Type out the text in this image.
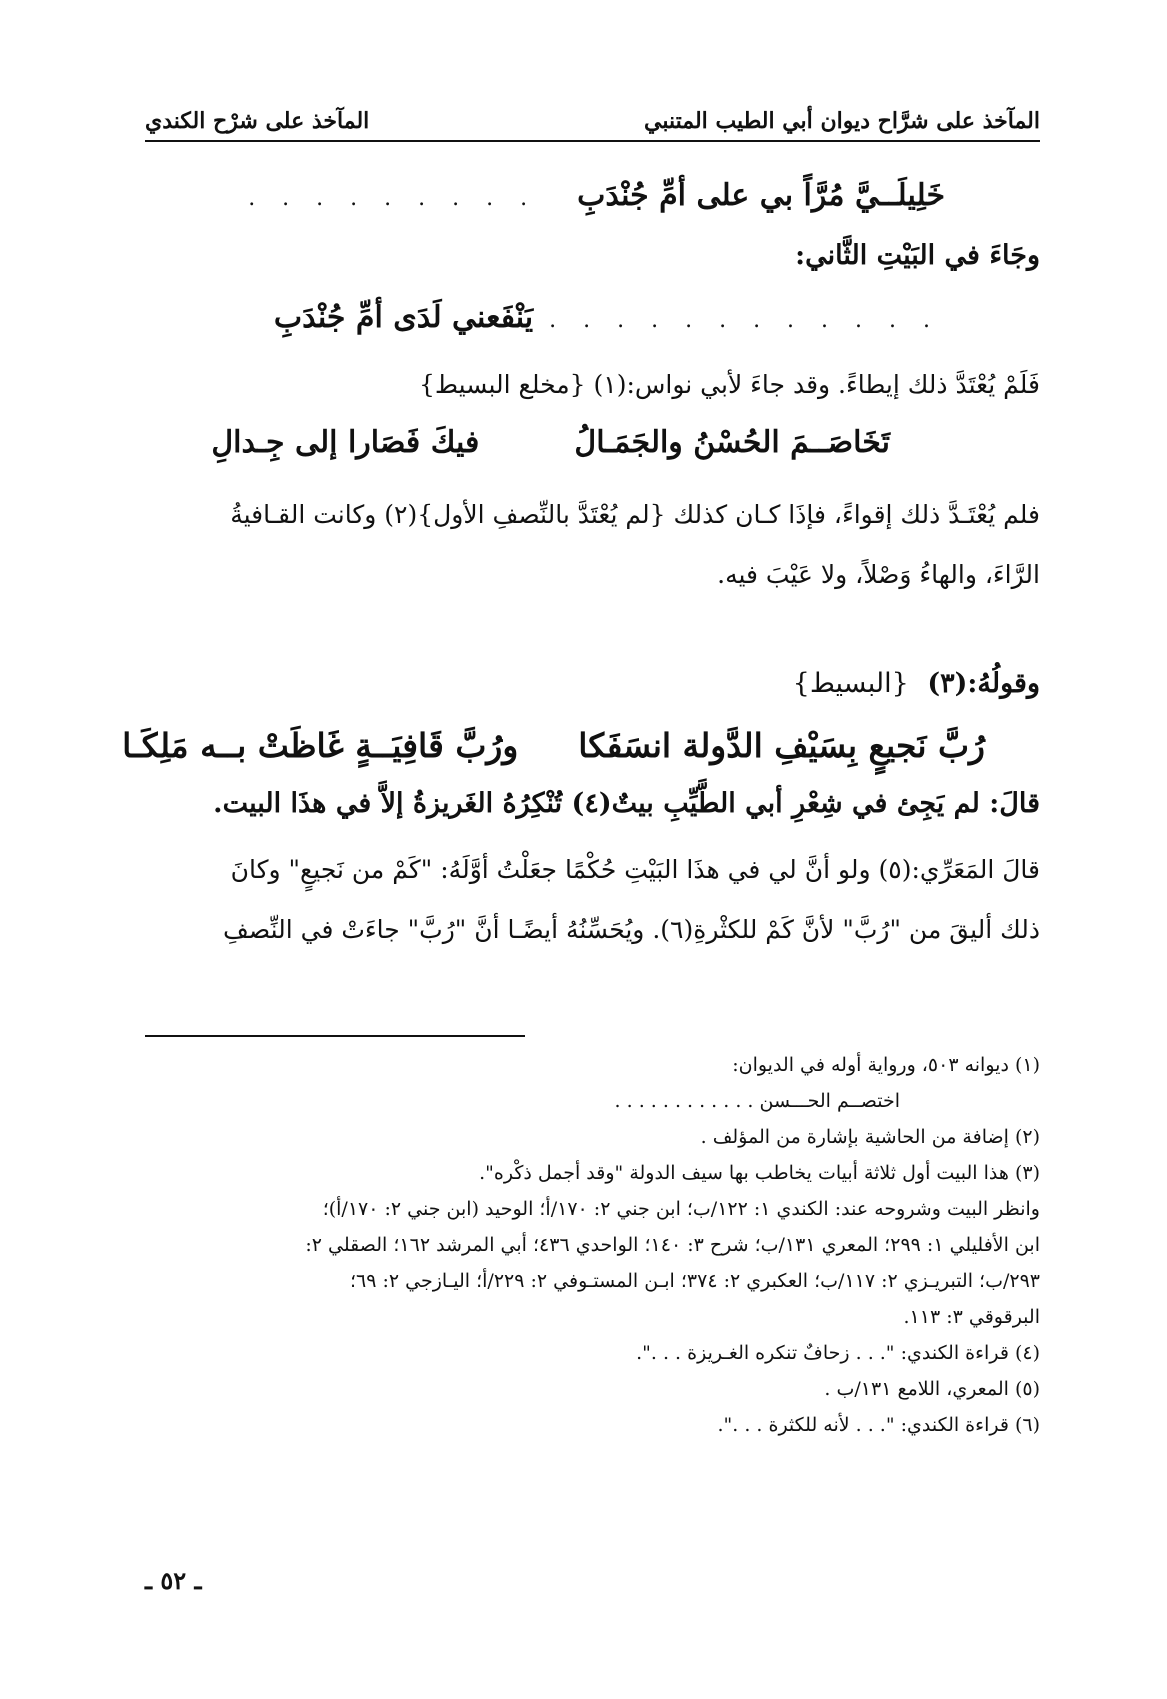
المآخذ على شرَّاح ديوان أبي الطيب المتنبي
المآخذ على شرْح الكندي
خَلِيلَــيَّ مُرَّاً بي على أمِّ جُنْدَبِ
. . . . . . . . .
وجَاءَ في البَيْتِ الثَّاني:
. . . . . . . . . . . .
يَنْفَعني لَدَى أمِّ جُنْدَبِ
فَلَمْ يُعْتَدَّ ذلك إيطاءً. وقد جاءَ لأبي نواس:(١) {مخلع البسيط}
تَخَاصَــمَ الحُسْنُ والجَمَـالُ
فيكَ فَصَارا إلى جِـدالِ
فلم يُعْتَـدَّ ذلك إقواءً، فإذَا كـان كذلك {لم يُعْتَدَّ بالنِّصفِ الأول}(٢) وكانت القـافيةُ
الرَّاءَ، والهاءُ وَصْلاً، ولا عَيْبَ فيه.
وقولُهُ:(٣) {البسيط}
رُبَّ نَجيعٍ بِسَيْفِ الدَّولة انسَفَكا
ورُبَّ قَافِيَــةٍ غَاظَتْ بــه مَلِكَـا
قالَ: لم يَجِئ في شِعْرِ أبي الطَّيِّبِ بيتٌ(٤) تُنْكِرُهُ الغَريزةُ إلاَّ في هذَا البيت.
قالَ المَعَرِّي:(٥) ولو أنَّ لي في هذَا البَيْتِ حُكْمًا جعَلْتُ أوَّلَهُ: "كَمْ من نَجيعٍ" وكانَ
ذلك أليقَ من "رُبَّ" لأنَّ كَمْ للكثْرةِ(٦). ويُحَسِّنُهُ أيضًـا أنَّ "رُبَّ" جاءَتْ في النِّصفِ
(١) ديوانه ٥٠٣، ورواية أوله في الديوان:
اختصــم الحـــسن . . . . . . . . . . . .
(٢) إضافة من الحاشية بإشارة من المؤلف .
(٣) هذا البيت أول ثلاثة أبيات يخاطب بها سيف الدولة "وقد أجمل ذكْره".
وانظر البيت وشروحه عند: الكندي ١: ١٢٢/ب؛ ابن جني ٢: ١٧٠/أ؛ الوحيد (ابن جني ٢: ١٧٠/أ)؛
ابن الأفليلي ١: ٢٩٩؛ المعري ١٣١/ب؛ شرح ٣: ١٤٠؛ الواحدي ٤٣٦؛ أبي المرشد ١٦٢؛ الصقلي ٢:
٢٩٣/ب؛ التبريـزي ٢: ١١٧/ب؛ العكبري ٢: ٣٧٤؛ ابـن المستـوفي ٢: ٢٢٩/أ؛ اليـازجي ٢: ٦٩؛
البرقوقي ٣: ١١٣.
(٤) قراءة الكندي: ". . . زحافٌ تنكره الغـريزة . . .".
(٥) المعري، اللامع ١٣١/ب .
(٦) قراءة الكندي: ". . . لأنه للكثرة . . .".
ـ ٥٢ ـ
